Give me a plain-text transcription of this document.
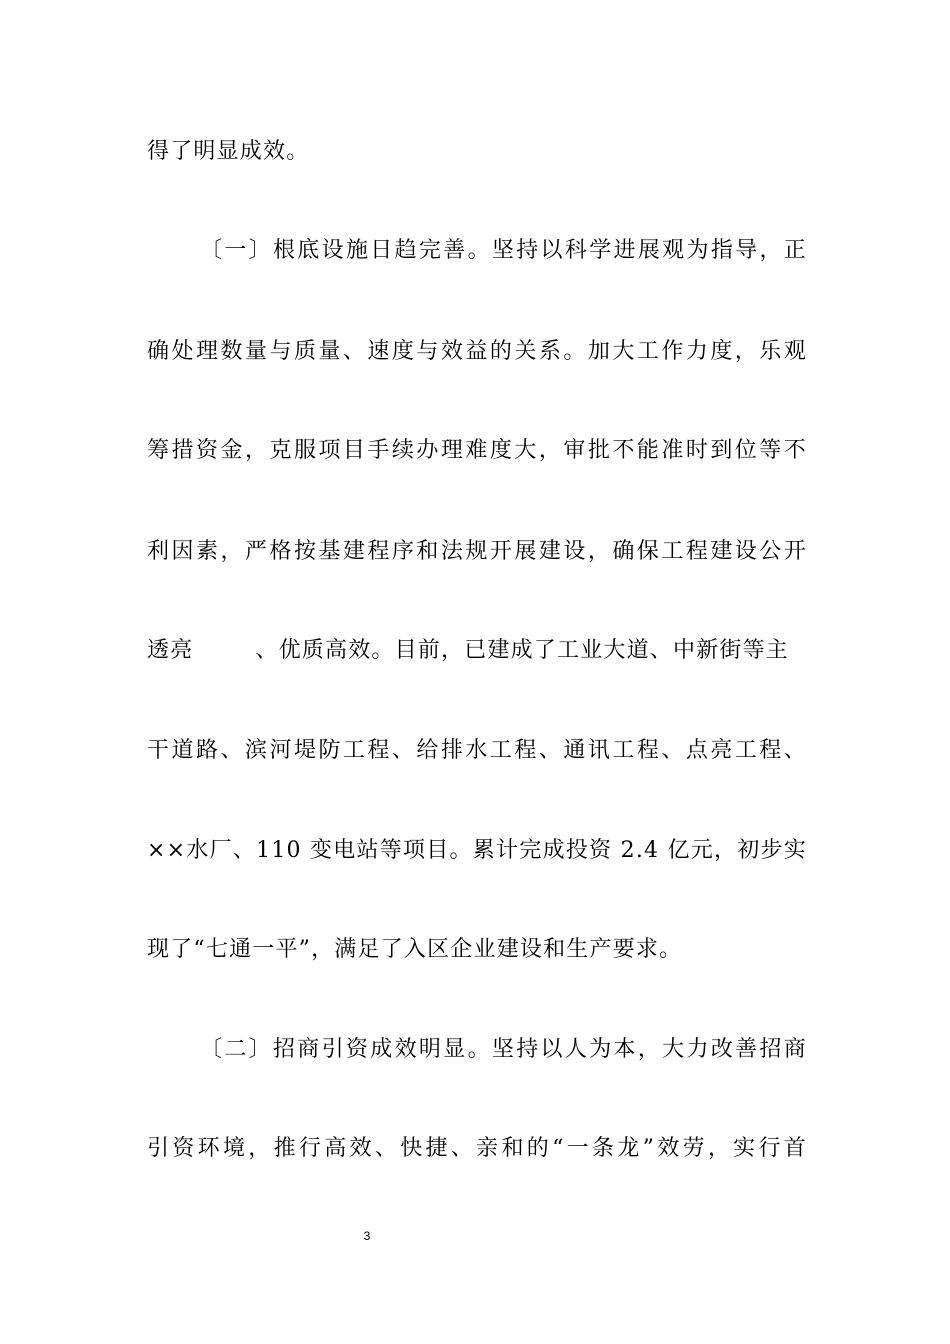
得了明显成效。
〔一〕根底设施日趋完善。坚持以科学进展观为指导，正
确处理数量与质量、速度与效益的关系。加大工作力度，乐观
筹措资金，克服项目手续办理难度大，审批不能准时到位等不
利因素，严格按基建程序和法规开展建设，确保工程建设公开
透亮	、优质高效。目前，已建成了工业大道、中新街等主
干道路、滨河堤防工程、给排水工程、通讯工程、点亮工程、
××水厂、110 变电站等项目。累计完成投资 2.4 亿元，初步实
现了“七通一平”，满足了入区企业建设和生产要求。
〔二〕招商引资成效明显。坚持以人为本，大力改善招商
引资环境，推行高效、快捷、亲和的“一条龙”效劳，实行首
3
